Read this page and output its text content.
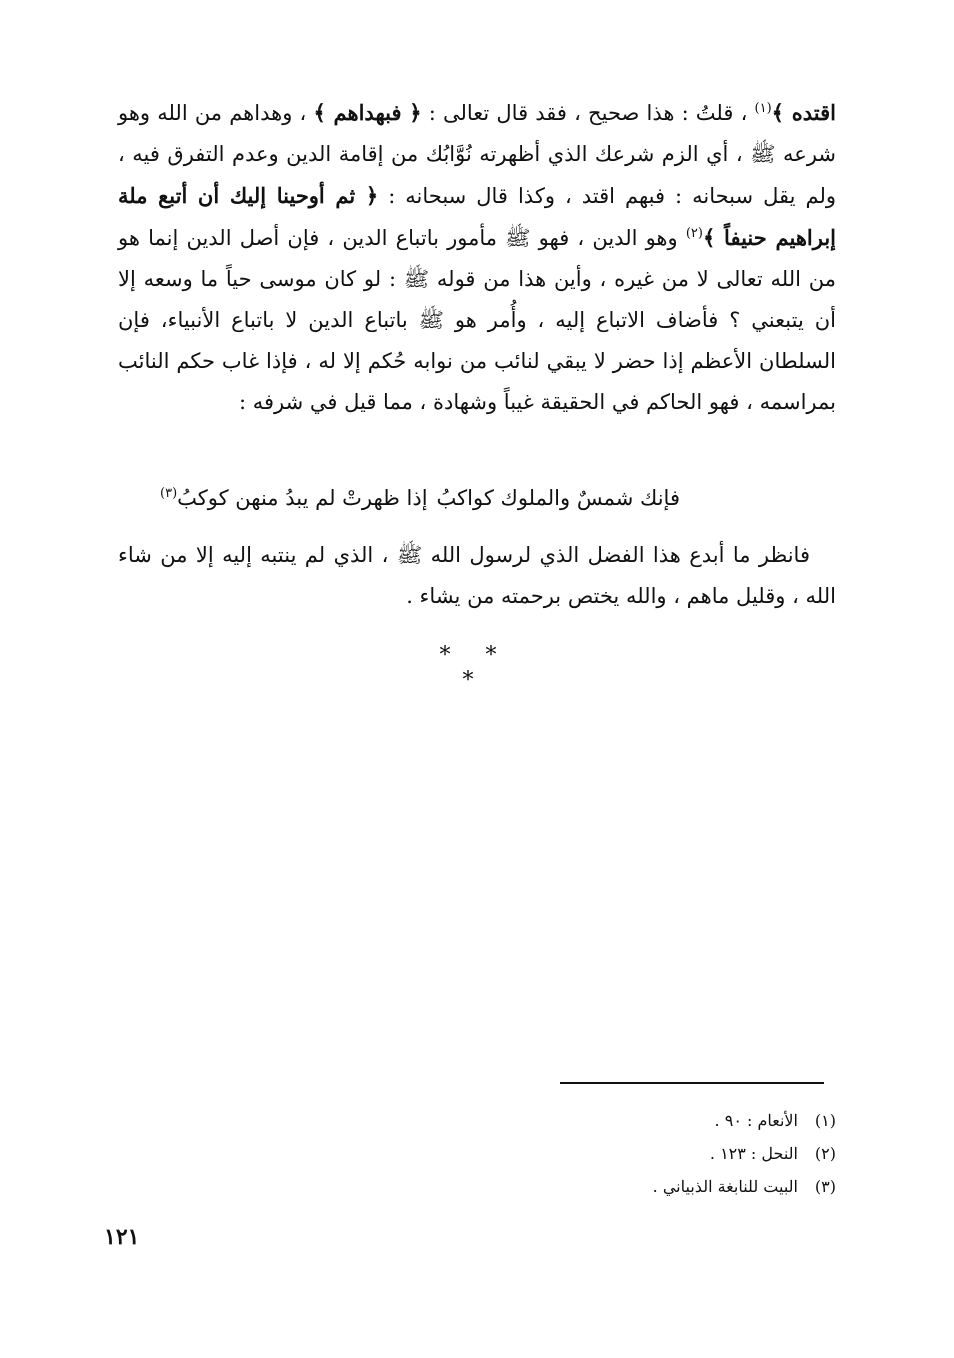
اقتده ﴾$^{(١)}$ ، قلتُ : هذا صحيح ، فقد قال تعالى : ﴿ فبهداهم ﴾ ، وهداهم من الله وهو شرعه ﷺ ، أي الزم شرعك الذي أظهرته نُوَّابُك من إقامة الدين وعدم التفرق فيه ، ولم يقل سبحانه : فبهم اقتد ، وكذا قال سبحانه : ﴿ ثم أوحينا إليك أن أتبع ملة إبراهيم حنيفاً ﴾$^{(٢)}$ وهو الدين ، فهو ﷺ مأمور باتباع الدين ، فإن أصل الدين إنما هو من الله تعالى لا من غيره ، وأين هذا من قوله ﷺ : لو كان موسى حياً ما وسعه إلا أن يتبعني ؟ فأضاف الاتباع إليه ، وأُمر هو ﷺ باتباع الدين لا باتباع الأنبياء، فإن السلطان الأعظم إذا حضر لا يبقي لنائب من نوابه حُكم إلا له ، فإذا غاب حكم النائب بمراسمه ، فهو الحاكم في الحقيقة غيباً وشهادة ، مما قيل في شرفه :

فإنك شمسٌ والملوك كواكبُ
إذا ظهرتْ لم يبدُ منهن كوكبُ$^{(٣)}$

فانظر ما أبدع هذا الفضل الذي لرسول الله ﷺ ، الذي لم ينتبه إليه إلا من شاء الله ، وقليل ماهم ، والله يختص برحمته من يشاء .

* * *
(١)
الأنعام : ٩٠ .
(٢)
النحل : ١٢٣ .
(٣)
البيت للنابغة الذبياني .
١٢١
